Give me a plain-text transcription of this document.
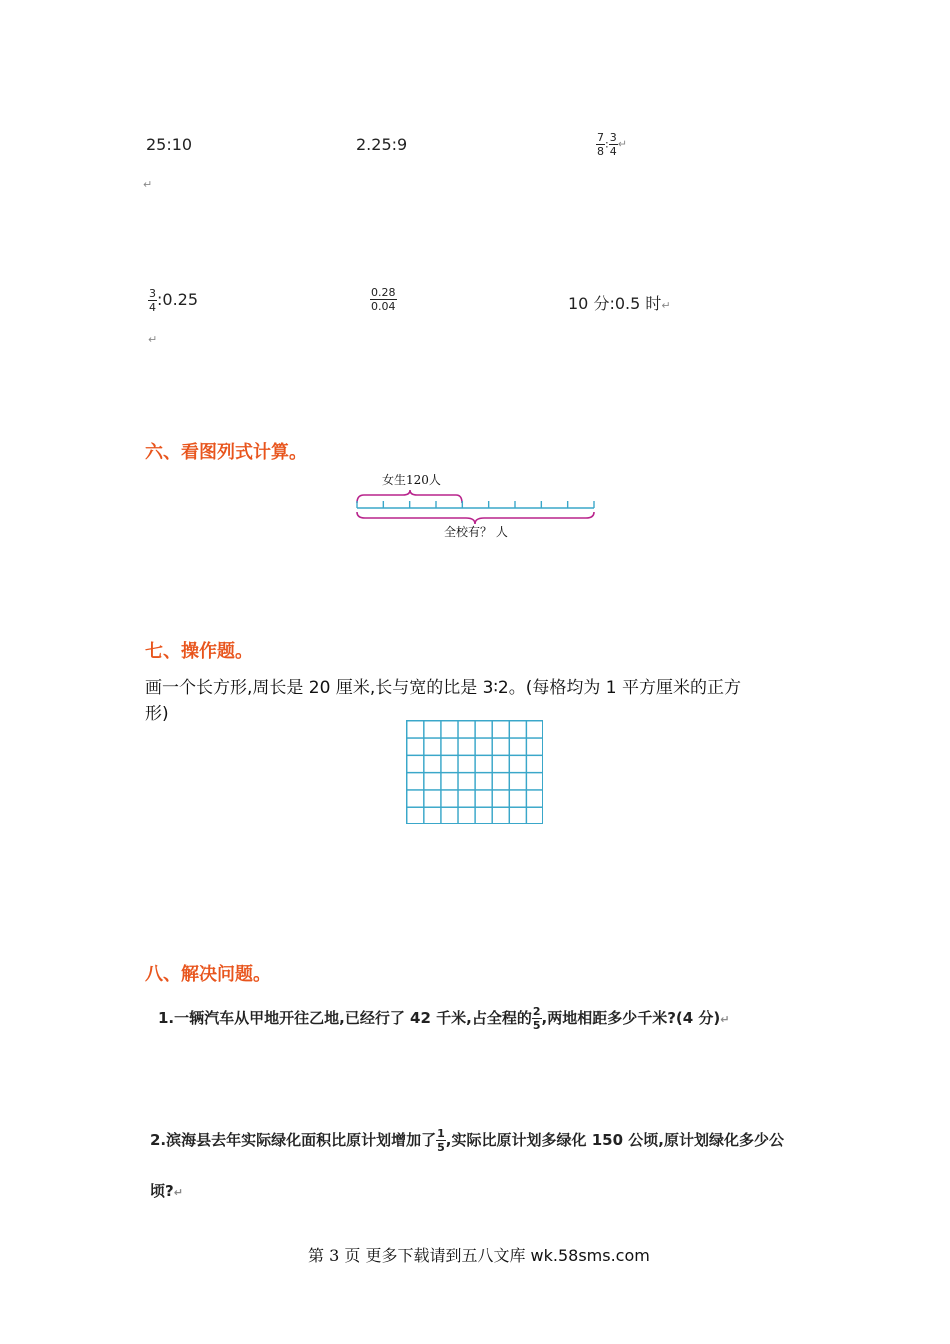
25:10	2.25:9	$\frac{7}{8}$ : $\frac{3}{4}$ ↵
↵
$\frac{3}{4}$ :0.25	$\frac{0.28}{0.04}$	10 分:0.5 时↵
↵
六、看图列式计算。
女生120人
全校有？ 人
七、操作题。
画一个长方形,周长是 20 厘米,长与宽的比是 3∶2。(每格均为 1 平方厘米的正方
形)
八、解决问题。
1.一辆汽车从甲地开往乙地,已经行了 42 千米,占全程的 $\frac{2}{5}$ ,两地相距多少千米?(4 分)↵
2.滨海县去年实际绿化面积比原计划增加了 $\frac{1}{5}$ ,实际比原计划多绿化 150 公顷,原计划绿化多少公
顷?↵
第 3 页 更多下载请到五八文库 wk.58sms.com
